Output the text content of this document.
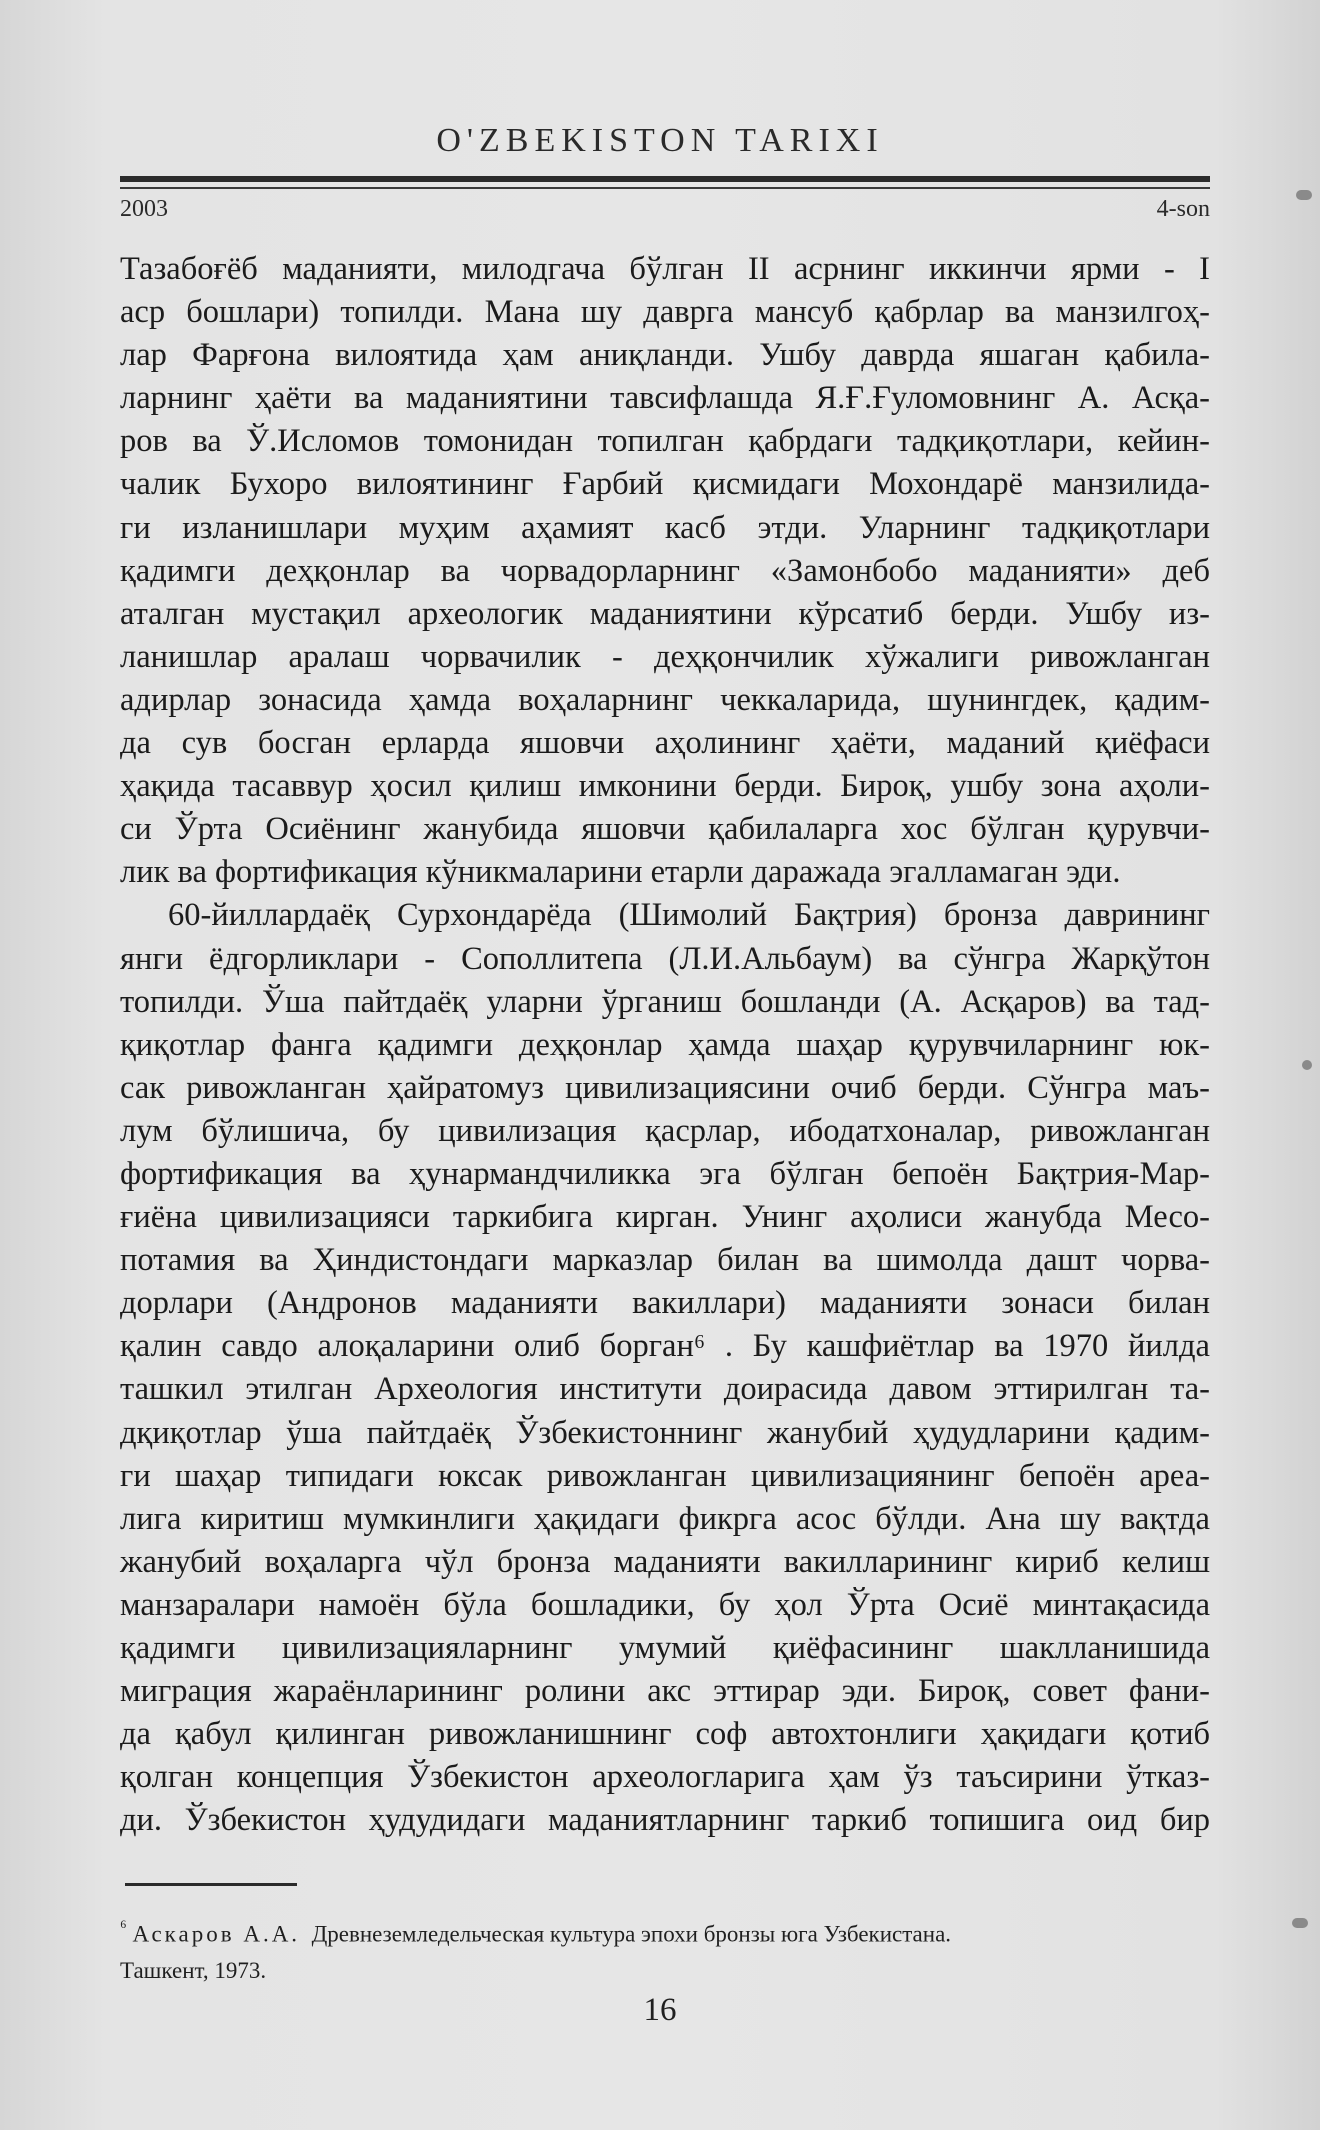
O'ZBEKISTON TARIXI
2003	4-son
Тазабоғёб маданияти, милодгача бўлган II асрнинг иккинчи ярми - I
аср бошлари) топилди. Мана шу даврга мансуб қабрлар ва манзилгоҳ-
лар Фарғона вилоятида ҳам аниқланди. Ушбу даврда яшаган қабила-
ларнинг ҳаёти ва маданиятини тавсифлашда Я.Ғ.Ғуломовнинг А. Асқа-
ров ва Ў.Исломов томонидан топилган қабрдаги тадқиқотлари, кейин-
чалик Бухоро вилоятининг Ғарбий қисмидаги Мохондарё манзилида-
ги изланишлари муҳим аҳамият касб этди. Уларнинг тадқиқотлари
қадимги деҳқонлар ва чорвадорларнинг «Замонбобо маданияти» деб
аталган мустақил археологик маданиятини кўрсатиб берди. Ушбу из-
ланишлар аралаш чорвачилик - деҳқончилик хўжалиги ривожланган
адирлар зонасида ҳамда воҳаларнинг чеккаларида, шунингдек, қадим-
да сув босган ерларда яшовчи аҳолининг ҳаёти, маданий қиёфаси
ҳақида тасаввур ҳосил қилиш имконини берди. Бироқ, ушбу зона аҳоли-
си Ўрта Осиёнинг жанубида яшовчи қабилаларга хос бўлган қурувчи-
лик ва фортификация кўникмаларини етарли даражада эгалламаган эди.
60-йиллардаёқ Сурхондарёда (Шимолий Бақтрия) бронза даврининг
янги ёдгорликлари - Сополлитепа (Л.И.Альбаум) ва сўнгра Жарқўтон
топилди. Ўша пайтдаёқ уларни ўрганиш бошланди (А. Асқаров) ва тад-
қиқотлар фанга қадимги деҳқонлар ҳамда шаҳар қурувчиларнинг юк-
сак ривожланган ҳайратомуз цивилизациясини очиб берди. Сўнгра маъ-
лум бўлишича, бу цивилизация қасрлар, ибодатхоналар, ривожланган
фортификация ва ҳунармандчиликка эга бўлган бепоён Бақтрия-Мар-
ғиёна цивилизацияси таркибига кирган. Унинг аҳолиси жанубда Месо-
потамия ва Ҳиндистондаги марказлар билан ва шимолда дашт чорва-
дорлари (Андронов маданияти вакиллари) маданияти зонаси билан
қалин савдо алоқаларини олиб борган⁶ . Бу кашфиётлар ва 1970 йилда
ташкил этилган Археология институти доирасида давом эттирилган та-
дқиқотлар ўша пайтдаёқ Ўзбекистоннинг жанубий ҳудудларини қадим-
ги шаҳар типидаги юксак ривожланган цивилизациянинг бепоён ареа-
лига киритиш мумкинлиги ҳақидаги фикрга асос бўлди. Ана шу вақтда
жанубий воҳаларга чўл бронза маданияти вакилларининг кириб келиш
манзаралари намоён бўла бошладики, бу ҳол Ўрта Осиё минтақасида
қадимги цивилизацияларнинг умумий қиёфасининг шаклланишида
миграция жараёнларининг ролини акс эттирар эди. Бироқ, совет фани-
да қабул қилинган ривожланишнинг соф автохтонлиги ҳақидаги қотиб
қолган концепция Ўзбекистон археологларига ҳам ўз таъсирини ўтказ-
ди. Ўзбекистон ҳудудидаги маданиятларнинг таркиб топишига оид бир
$^{^6}$ Аскаров А.А. Древнеземледельческая культура эпохи бронзы юга Узбекистана.
Ташкент, 1973.
16
